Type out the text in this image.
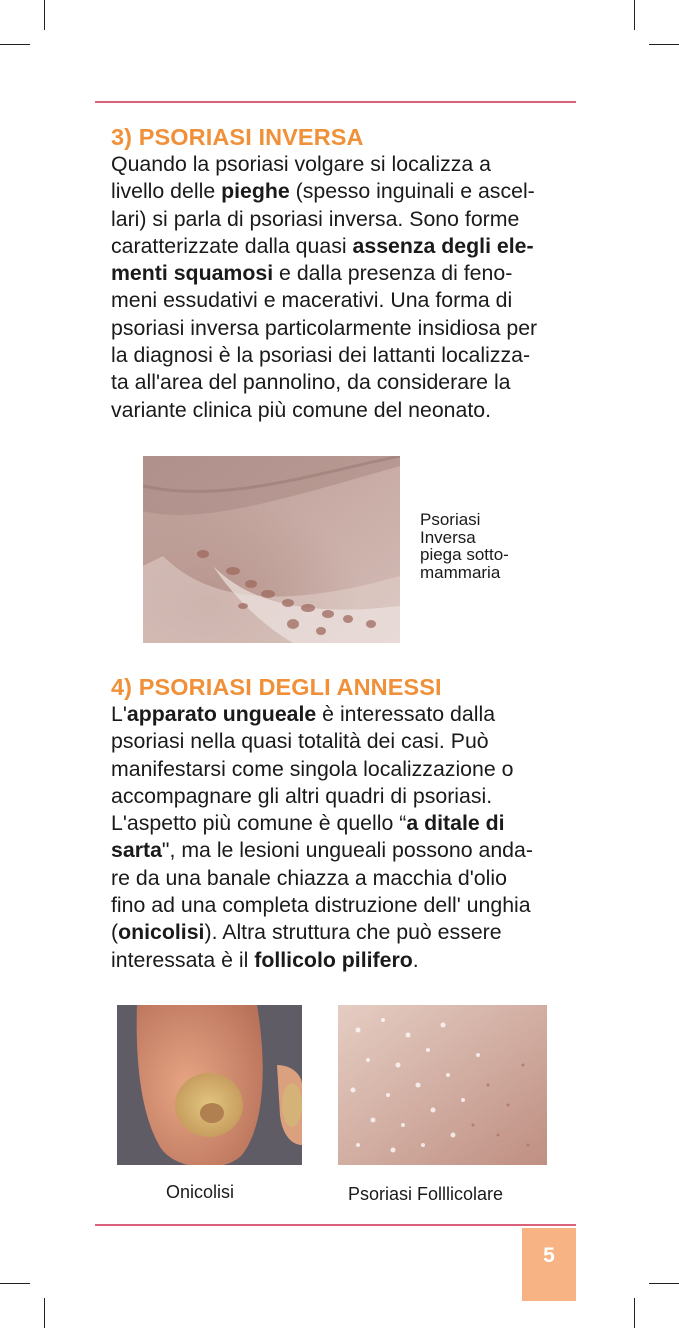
3) PSORIASI INVERSA
Quando la psoriasi volgare si localizza a
livello delle pieghe (spesso inguinali e ascel-
lari) si parla di psoriasi inversa. Sono forme
caratterizzate dalla quasi assenza degli ele-
menti squamosi e dalla presenza di feno-
meni essudativi e macerativi. Una forma di
psoriasi inversa particolarmente insidiosa per
la diagnosi è la psoriasi dei lattanti localizza-
ta all'area del pannolino, da considerare la
variante clinica più comune del neonato.
Psoriasi
Inversa
piega sotto-
mammaria
4) PSORIASI DEGLI ANNESSI
L'apparato ungueale è interessato dalla
psoriasi nella quasi totalità dei casi. Può
manifestarsi come singola localizzazione o
accompagnare gli altri quadri di psoriasi.
L'aspetto più comune è quello “a ditale di
sarta", ma le lesioni ungueali possono anda-
re da una banale chiazza a macchia d'olio
fino ad una completa distruzione dell' unghia
(onicolisi). Altra struttura che può essere
interessata è il follicolo pilifero.
Onicolisi	Psoriasi Folllicolare
5
